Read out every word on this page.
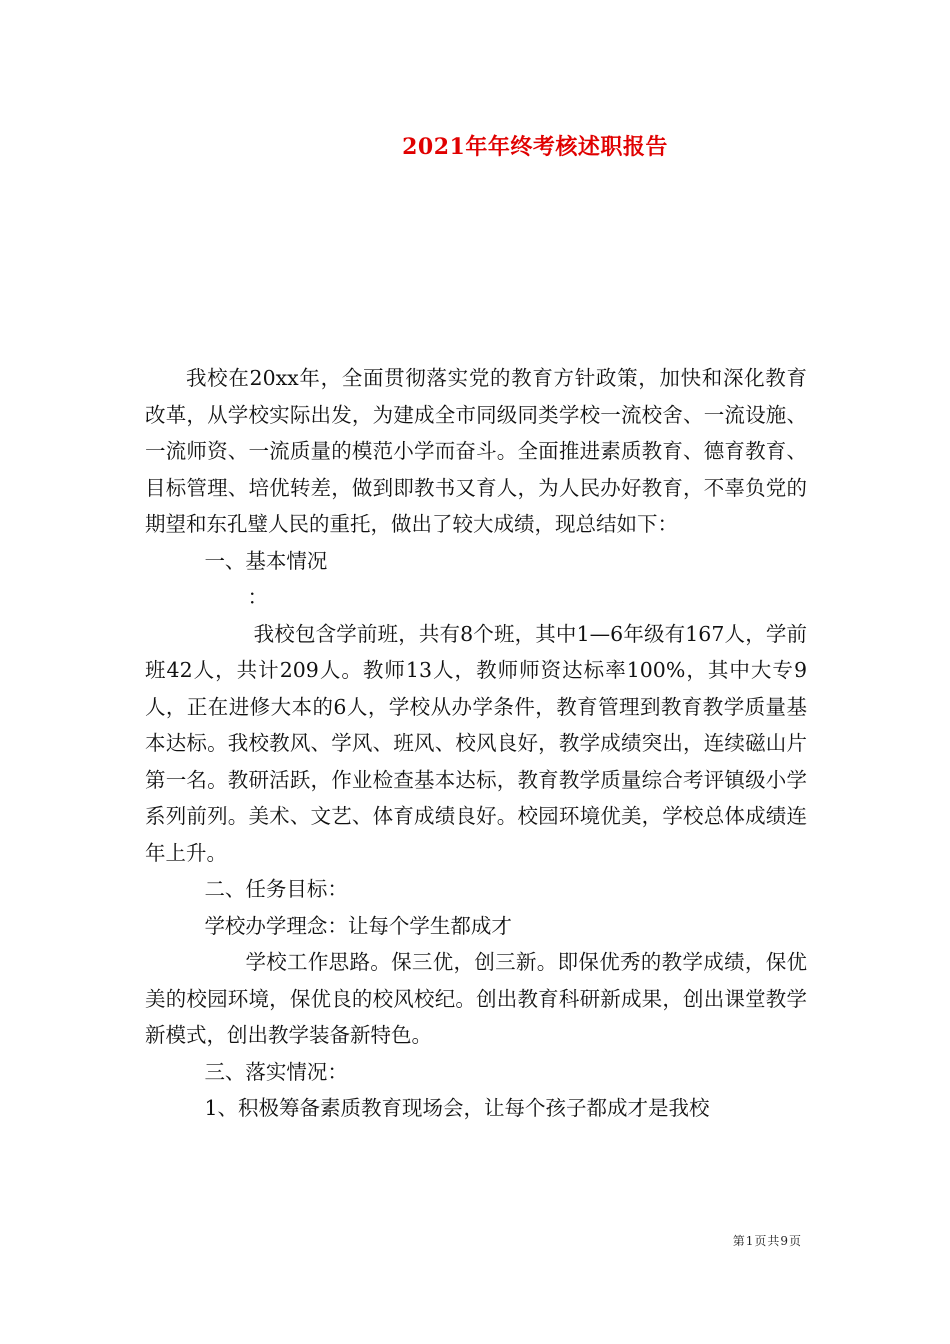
2021年年终考核述职报告

我校在20xx年，全面贯彻落实党的教育方针政策，加快和深化教育改革，从学校实际出发，为建成全市同级同类学校一流校舍、一流设施、一流师资、一流质量的模范小学而奋斗。全面推进素质教育、德育教育、目标管理、培优转差，做到即教书又育人，为人民办好教育，不辜负党的期望和东孔璧人民的重托，做出了较大成绩，现总结如下：

一、基本情况

：

我校包含学前班，共有8个班，其中1—6年级有167人，学前班42人，共计209人。教师13人，教师师资达标率100%，其中大专9人，正在进修大本的6人，学校从办学条件，教育管理到教育教学质量基本达标。我校教风、学风、班风、校风良好，教学成绩突出，连续磁山片第一名。教研活跃，作业检查基本达标，教育教学质量综合考评镇级小学系列前列。美术、文艺、体育成绩良好。校园环境优美，学校总体成绩连年上升。

二、任务目标：

学校办学理念：让每个学生都成才

学校工作思路。保三优，创三新。即保优秀的教学成绩，保优美的校园环境，保优良的校风校纪。创出教育科研新成果，创出课堂教学新模式，创出教学装备新特色。

三、落实情况：

1、积极筹备素质教育现场会，让每个孩子都成才是我校

第1页共9页
